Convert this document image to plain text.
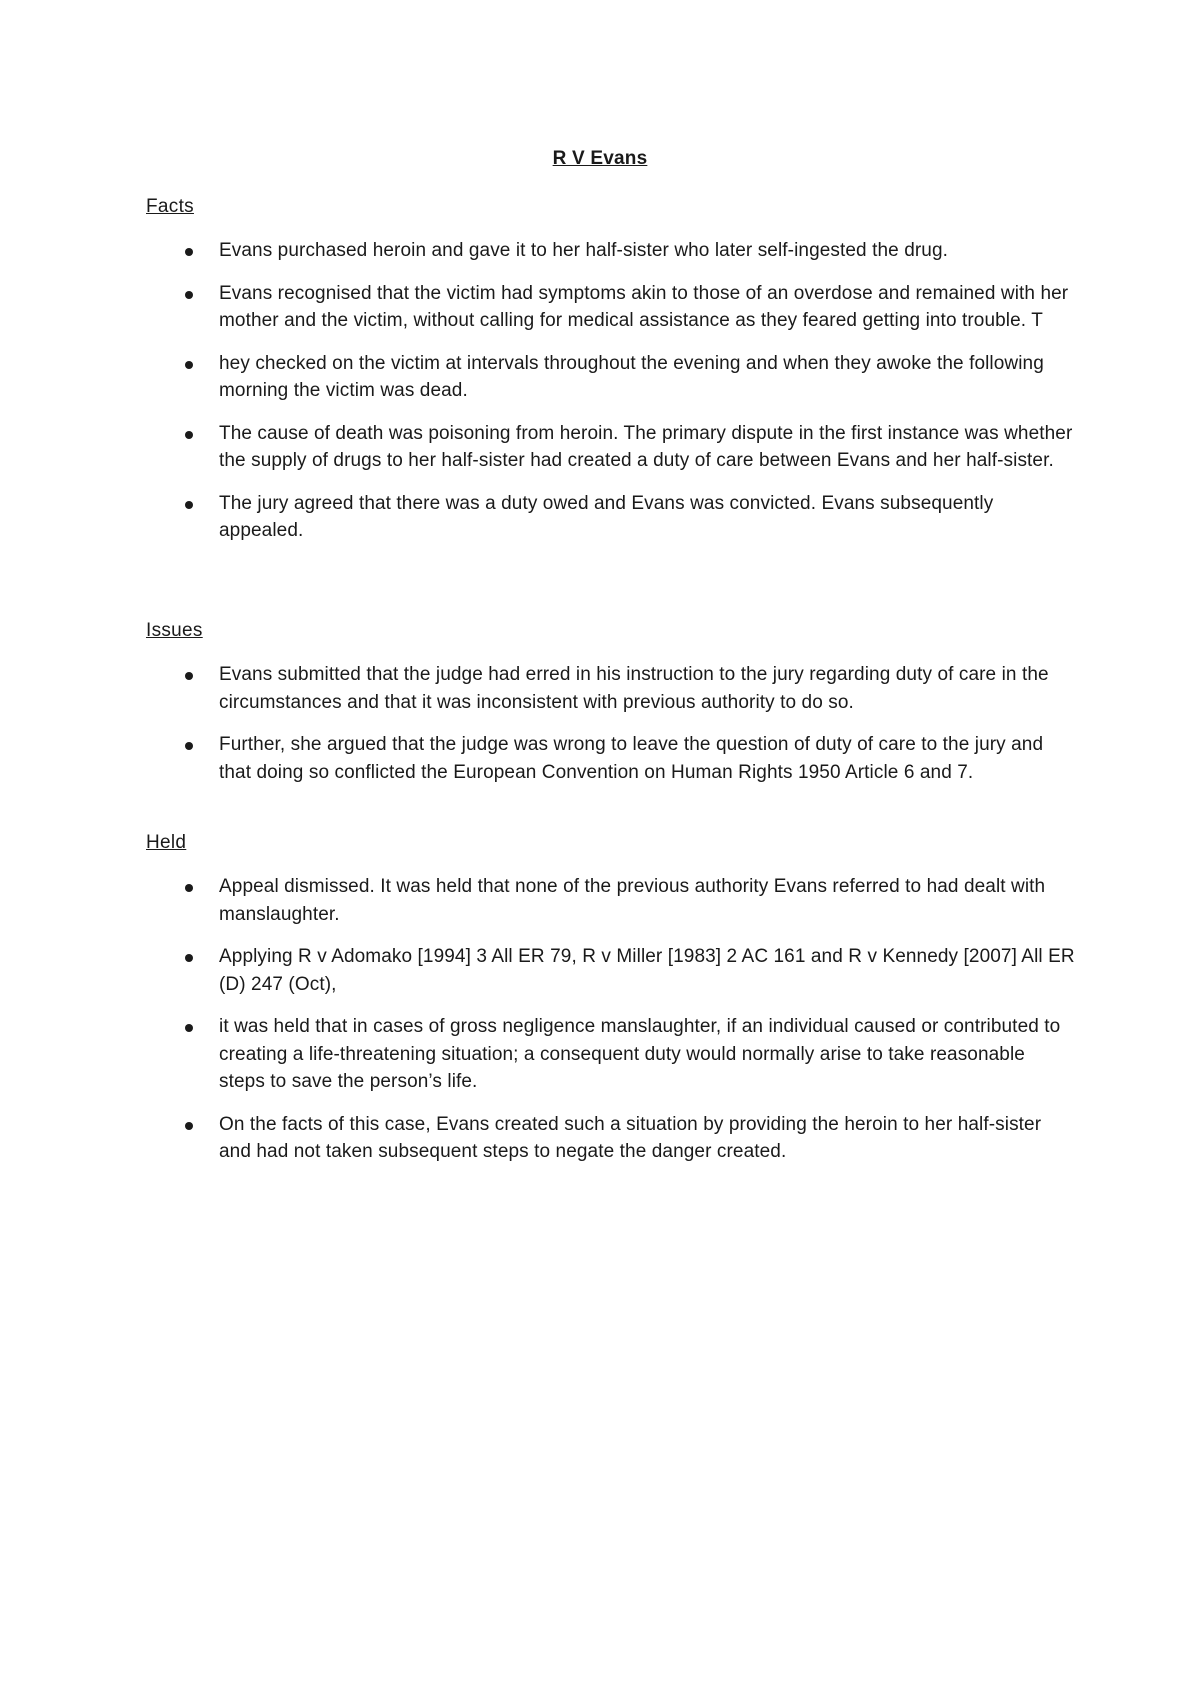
R V Evans
Facts
Evans purchased heroin and gave it to her half-sister who later self-ingested the drug.
Evans recognised that the victim had symptoms akin to those of an overdose and remained with her mother and the victim, without calling for medical assistance as they feared getting into trouble. T
hey checked on the victim at intervals throughout the evening and when they awoke the following morning the victim was dead.
The cause of death was poisoning from heroin. The primary dispute in the first instance was whether the supply of drugs to her half-sister had created a duty of care between Evans and her half-sister.
The jury agreed that there was a duty owed and Evans was convicted. Evans subsequently appealed.
Issues
Evans submitted that the judge had erred in his instruction to the jury regarding duty of care in the circumstances and that it was inconsistent with previous authority to do so.
Further, she argued that the judge was wrong to leave the question of duty of care to the jury and that doing so conflicted the European Convention on Human Rights 1950 Article 6 and 7.
Held
Appeal dismissed. It was held that none of the previous authority Evans referred to had dealt with manslaughter.
Applying R v Adomako [1994] 3 All ER 79, R v Miller [1983] 2 AC 161 and R v Kennedy [2007] All ER (D) 247 (Oct),
it was held that in cases of gross negligence manslaughter, if an individual caused or contributed to creating a life-threatening situation; a consequent duty would normally arise to take reasonable steps to save the person’s life.
On the facts of this case, Evans created such a situation by providing the heroin to her half-sister and had not taken subsequent steps to negate the danger created.
